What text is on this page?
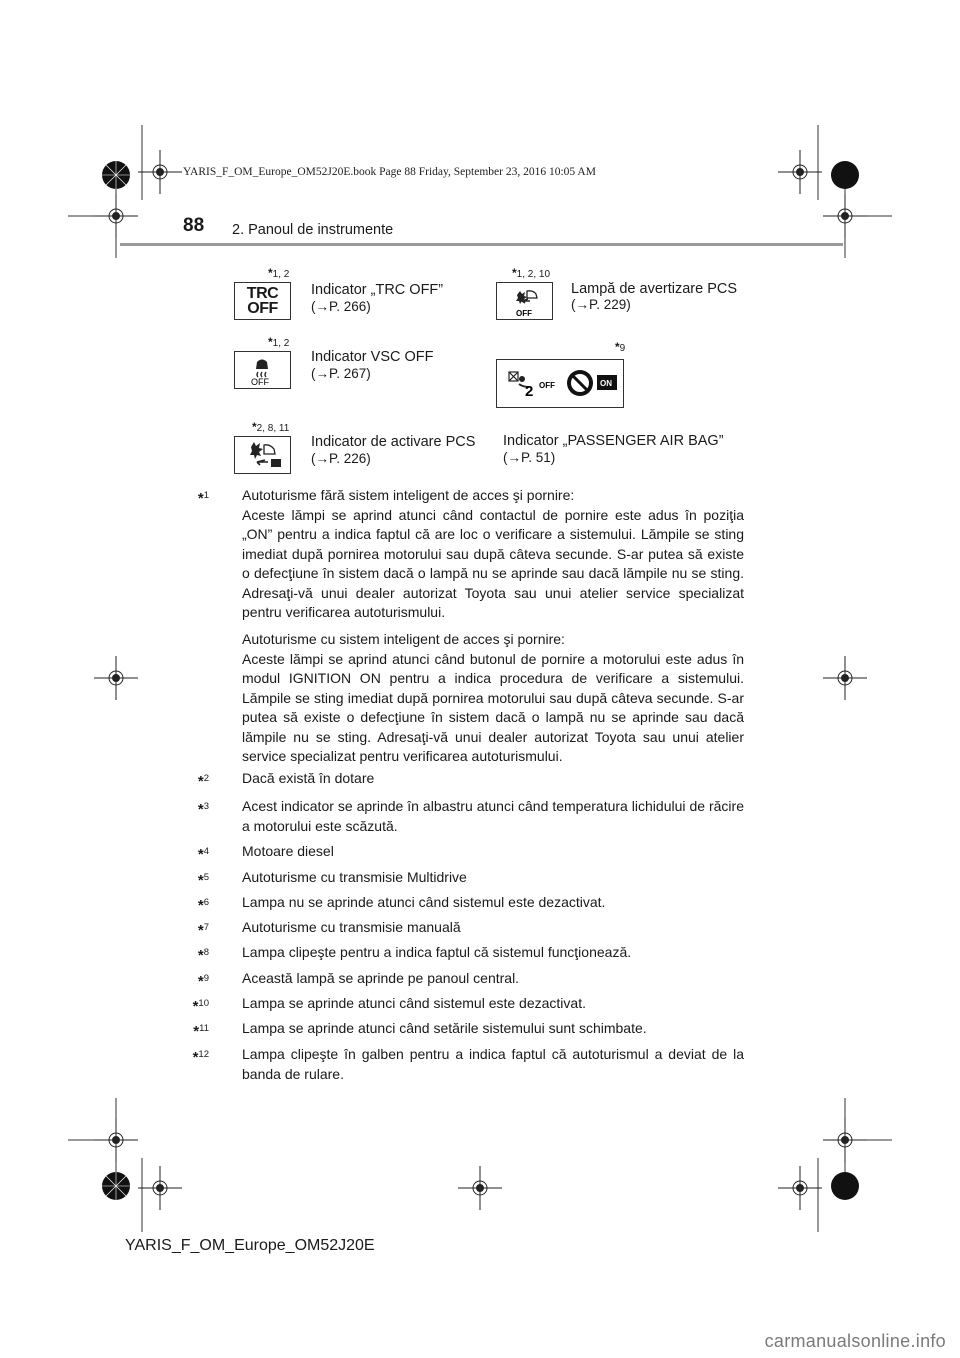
YARIS_F_OM_Europe_OM52J20E.book Page 88 Friday, September 23, 2016 10:05 AM
88 2. Panoul de instrumente
*1, 2
TRC
OFF
Indicator „TRC OFF”
(→P. 266)
*1, 2, 10
OFF
Lampă de avertizare PCS
(→P. 229)
*1, 2
OFF
Indicator VSC OFF
(→P. 267)
*9
2 OFF	ON
*2, 8, 11
Indicator de activare PCS
(→P. 226)
Indicator „PASSENGER AIR BAG”
(→P. 51)
*$^1$ Autoturisme fără sistem inteligent de acces şi pornire:

Aceste lămpi se aprind atunci când contactul de pornire este adus în poziţia „ON” pentru a indica faptul că are loc o verificare a sistemului. Lămpile se sting imediat după pornirea motorului sau după câteva secunde. S-ar putea să existe o defecţiune în sistem dacă o lampă nu se aprinde sau dacă lămpile nu se sting. Adresaţi-vă unui dealer autorizat Toyota sau unui atelier service specializat pentru verificarea autoturismului.

Autoturisme cu sistem inteligent de acces şi pornire:

Aceste lămpi se aprind atunci când butonul de pornire a motorului este adus în modul IGNITION ON pentru a indica procedura de verificare a sistemului. Lămpile se sting imediat după pornirea motorului sau după câteva secunde. S-ar putea să existe o defecţiune în sistem dacă o lampă nu se aprinde sau dacă lămpile nu se sting. Adresaţi-vă unui dealer autorizat Toyota sau unui atelier service specializat pentru verificarea autoturismului.

*$^2$	Dacă există în dotare
*$^3$	Acest indicator se aprinde în albastru atunci când temperatura lichidului de răcire a motorului este scăzută.
*$^4$	Motoare diesel
*$^5$	Autoturisme cu transmisie Multidrive
*$^6$	Lampa nu se aprinde atunci când sistemul este dezactivat.
*$^7$	Autoturisme cu transmisie manuală
*$^8$	Lampa clipeşte pentru a indica faptul că sistemul funcţionează.
*$^9$	Această lampă se aprinde pe panoul central.
*$^{10}$	Lampa se aprinde atunci când sistemul este dezactivat.
*$^{11}$	Lampa se aprinde atunci când setările sistemului sunt schimbate.
*$^{12}$	Lampa clipeşte în galben pentru a indica faptul că autoturismul a deviat de la banda de rulare.
YARIS_F_OM_Europe_OM52J20E
carmanualsonline.info
